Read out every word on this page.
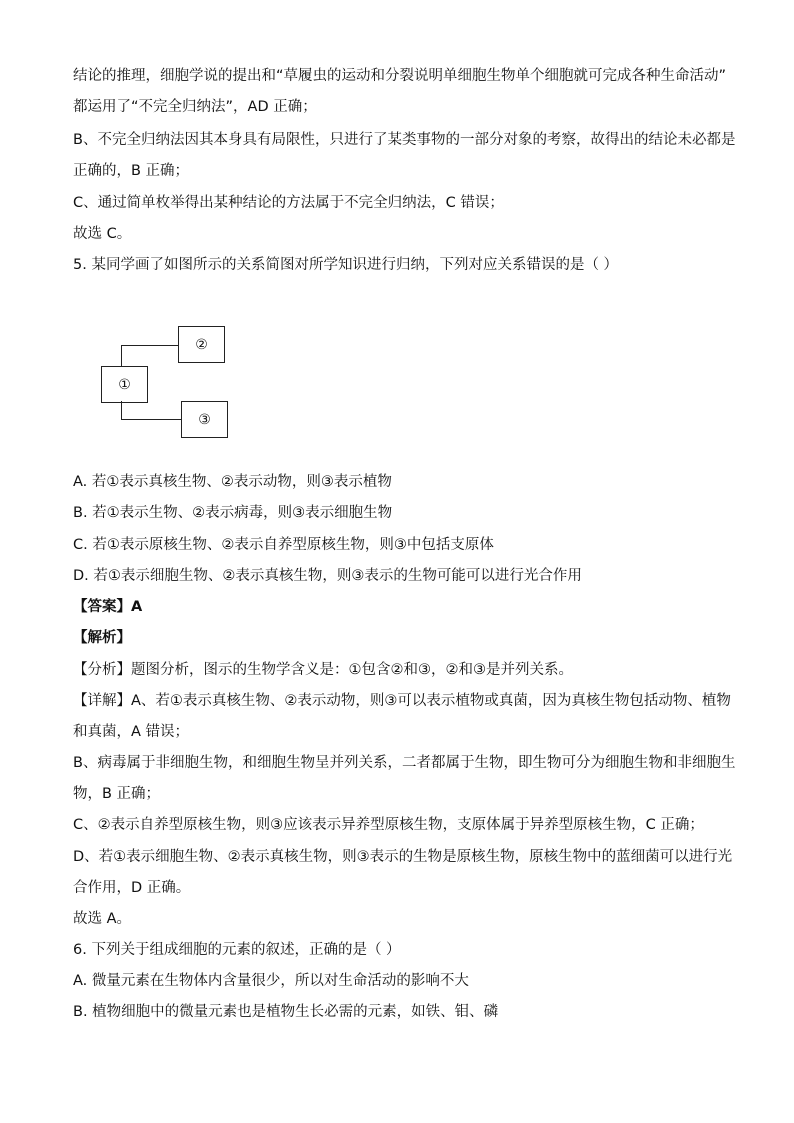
结论的推理，细胞学说的提出和“草履虫的运动和分裂说明单细胞生物单个细胞就可完成各种生命活动”
都运用了“不完全归纳法”，AD 正确；
B、不完全归纳法因其本身具有局限性，只进行了某类事物的一部分对象的考察，故得出的结论未必都是
正确的，B 正确；
C、通过简单枚举得出某种结论的方法属于不完全归纳法，C 错误；
故选 C。
5. 某同学画了如图所示的关系简图对所学知识进行归纳，下列对应关系错误的是（ ）
②
①
③
A. 若①表示真核生物、②表示动物，则③表示植物
B. 若①表示生物、②表示病毒，则③表示细胞生物
C. 若①表示原核生物、②表示自养型原核生物，则③中包括支原体
D. 若①表示细胞生物、②表示真核生物，则③表示的生物可能可以进行光合作用
【答案】A
【解析】
【分析】题图分析，图示的生物学含义是：①包含②和③，②和③是并列关系。
【详解】A、若①表示真核生物、②表示动物，则③可以表示植物或真菌，因为真核生物包括动物、植物
和真菌，A 错误；
B、病毒属于非细胞生物，和细胞生物呈并列关系，二者都属于生物，即生物可分为细胞生物和非细胞生
物，B 正确；
C、②表示自养型原核生物，则③应该表示异养型原核生物，支原体属于异养型原核生物，C 正确；
D、若①表示细胞生物、②表示真核生物，则③表示的生物是原核生物，原核生物中的蓝细菌可以进行光
合作用，D 正确。
故选 A。
6. 下列关于组成细胞的元素的叙述，正确的是（ ）
A. 微量元素在生物体内含量很少，所以对生命活动的影响不大
B. 植物细胞中的微量元素也是植物生长必需的元素，如铁、钼、磷
